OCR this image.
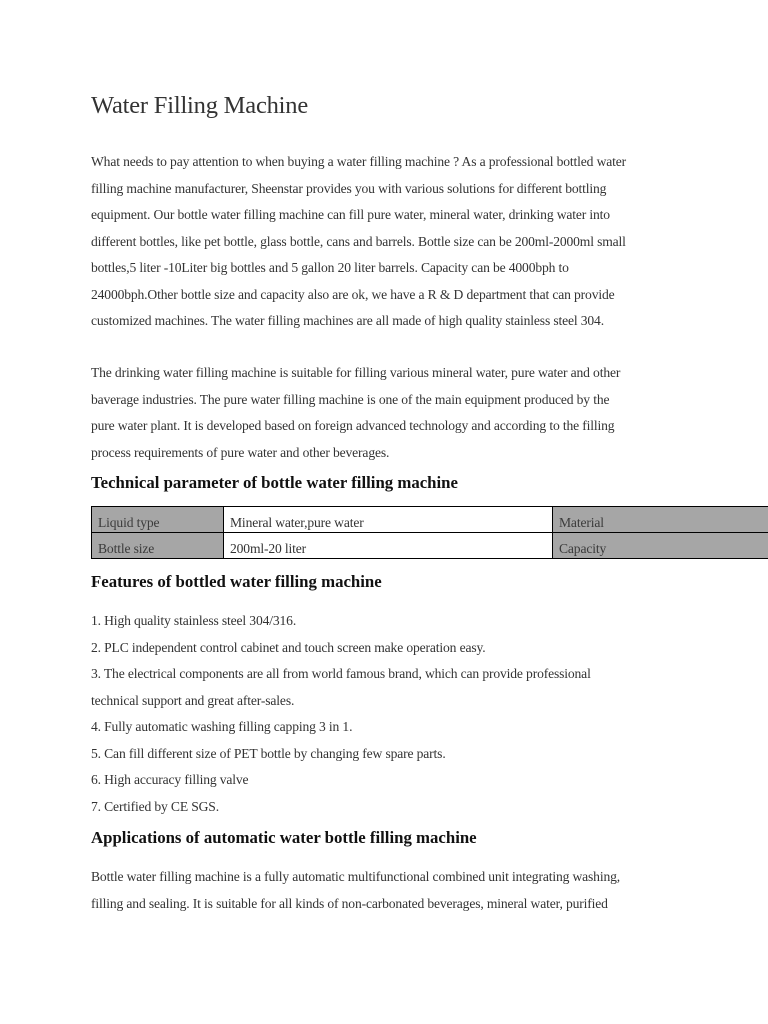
Water Filling Machine

What needs to pay attention to when buying a water filling machine ? As a professional bottled water
filling machine manufacturer, Sheenstar provides you with various solutions for different bottling
equipment. Our bottle water filling machine can fill pure water, mineral water, drinking water into
different bottles, like pet bottle, glass bottle, cans and barrels. Bottle size can be 200ml-2000ml small
bottles,5 liter -10Liter big bottles and 5 gallon 20 liter barrels. Capacity can be 4000bph to
24000bph.Other bottle size and capacity also are ok, we have a R & D department that can provide
customized machines. The water filling machines are all made of high quality stainless steel 304.

The drinking water filling machine is suitable for filling various mineral water, pure water and other
baverage industries. The pure water filling machine is one of the main equipment produced by the
pure water plant. It is developed based on foreign advanced technology and according to the filling
process requirements of pure water and other beverages.

Technical parameter of bottle water filling machine
Liquid type	Mineral water,pure water	Material
Bottle size	200ml-20 liter	Capacity
Features of bottled water filling machine
1. High quality stainless steel 304/316.
2. PLC independent control cabinet and touch screen make operation easy.
3. The electrical components are all from world famous brand, which can provide professional
technical support and great after-sales.
4. Fully automatic washing filling capping 3 in 1.
5. Can fill different size of PET bottle by changing few spare parts.
6. High accuracy filling valve
7. Certified by CE SGS.
Applications of automatic water bottle filling machine

Bottle water filling machine is a fully automatic multifunctional combined unit integrating washing,
filling and sealing. It is suitable for all kinds of non-carbonated beverages, mineral water, purified
